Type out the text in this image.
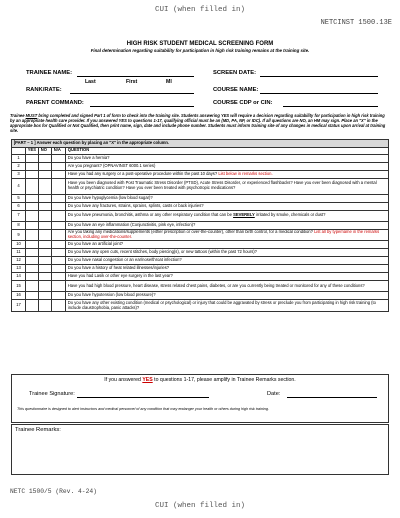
CUI (when filled in)
NETCINST 1500.13E
HIGH RISK STUDENT MEDICAL SCREENING FORM
Final determination regarding suitability for participation in high risk training remains at the training site.
TRAINEE NAME:
Last	First	MI
SCREEN DATE:
RANK/RATE:	COURSE NAME:
PARENT COMMAND:	COURSE CDP or CIN:
Trainee MUST bring completed and signed Part 1 of form to check into the training site. Students answering YES will require a decision regarding suitability for participation in high risk training by an appropriate health care provider. If you answered YES to questions 1-17, qualifying official must be an (MD, PA, NP, or IDC). If all questions are NO, an HM may sign. Place an "X" in the appropriate box for Qualified or Not Qualified, then print name, sign, date and include phone number. Students must inform training site of any changes in medical status upon arrival at training site.
[PART – 1 ] Answer each question by placing an "X" in the appropriate column.				
	YES	NO	N/A	QUESTION
1				Do you have a hernia?
2				Are you pregnant? (OPNAVINST 6000.1 series)
3				Have you had any surgery or a post-operative procedure within the past 10 days? List below in remarks section.
4				Have you been diagnosed with Post Traumatic Stress Disorder (PTSD), Acute Stress Disorder, or experienced flashbacks? Have you ever been diagnosed with a mental health or psychiatric condition? Have you ever been treated with psychotropic medications?
5				Do you have hypoglycemia (low blood sugar)?
6				Do you have any fractures, strains, sprains, splints, casts or back injuries?
7				Do you have pneumonia, bronchitis, asthma or any other respiratory condition that can be SEVERELY irritated by smoke, chemicals or dust?
8				Do you have an eye inflammation (Conjunctivitis, pink eye, infection)?
9				Are you taking any medications/supplements (either prescription or over-the-counter), other than birth control, for a medical condition? List all by type/name in the remarks section, including over-the-counter.
10				Do you have an artificial joint?
11				Do you have any open cuts, recent stitches, body piercing(s), or new tattoos (within the past 72 hours)?
12				Do you have nasal congestion or an ear/nose/throat infection?
13				Do you have a history of heat related illnesses/injuries?
14				Have you had Lasik or other eye surgery in the last year?
15				Have you had high blood pressure, heart disease, stress related chest pains, diabetes, or are you currently being treated or monitored for any of these conditions?
16				Do you have hypotension (low blood pressure)?
17				Do you have any other existing condition (medical or psychological) or injury that could be aggravated by stress or preclude you from participating in high risk training (to include claustrophobia, panic attacks)?
If you answered YES to questions 1-17, please amplify in Trainee Remarks section.
Trainee Signature:	Date:
This questionnaire is designed to alert instructors and medical personnel of any condition that may endanger your health or others during high risk training.
Trainee Remarks:
NETC 1500/5 (Rev. 4-24)
CUI (when filled in)
